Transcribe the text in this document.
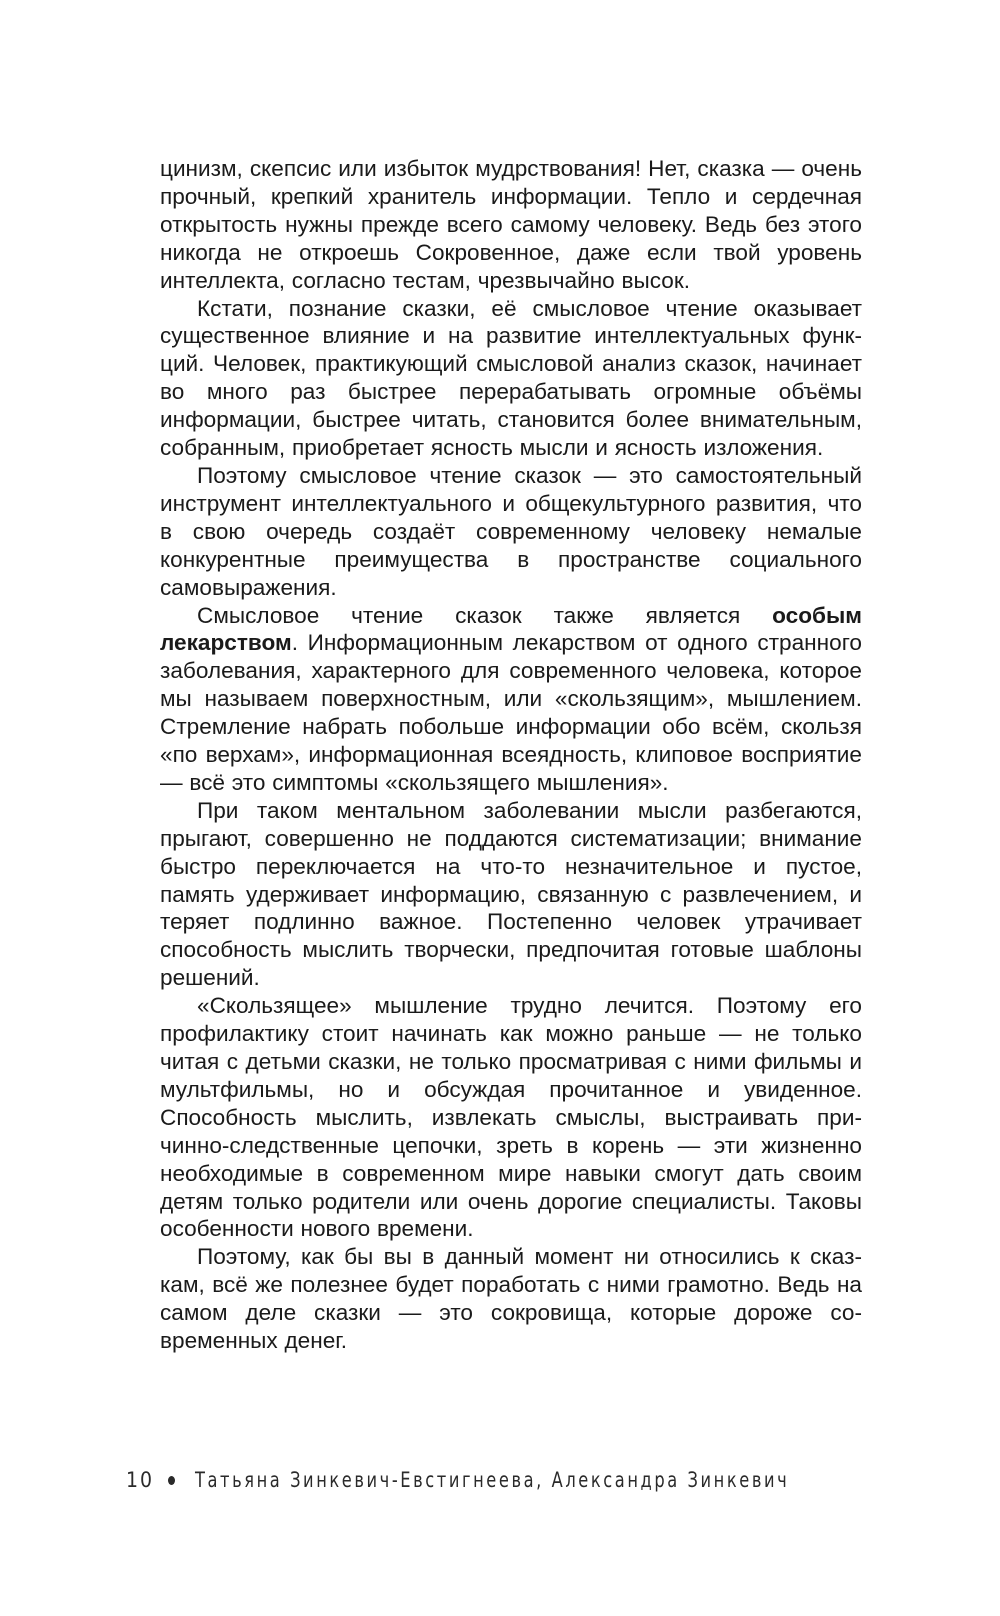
цинизм, скепсис или избыток мудрствования! Нет, сказка — очень прочный, крепкий хранитель информации. Тепло и сердечная открытость нужны прежде всего самому человеку. Ведь без этого никогда не откроешь Сокровенное, даже если твой уровень интеллекта, согласно тестам, чрезвычайно высок.

Кстати, познание сказки, её смысловое чтение оказывает существенное влияние и на развитие интеллектуальных функций. Человек, практикующий смысловой анализ сказок, начинает во много раз быстрее перерабатывать огромные объёмы информации, быстрее читать, становится более внимательным, собранным, приобретает ясность мысли и ясность изложения.

Поэтому смысловое чтение сказок — это самостоятельный инструмент интеллектуального и общекультурного развития, что в свою очередь создаёт современному человеку немалые конкурентные преимущества в пространстве социального самовыражения.

Смысловое чтение сказок также является особым лекарством. Информационным лекарством от одного странного заболевания, характерного для современного человека, которое мы называем поверхностным, или «скользящим», мышлением. Стремление набрать побольше информации обо всём, скользя «по верхам», информационная всеядность, клиповое восприятие — всё это симптомы «скользящего мышления».

При таком ментальном заболевании мысли разбегаются, прыгают, совершенно не поддаются систематизации; внимание быстро переключается на что-то незначительное и пустое, память удерживает информацию, связанную с развлечением, и теряет подлинно важное. Постепенно человек утрачивает способность мыслить творчески, предпочитая готовые шаблоны решений.

«Скользящее» мышление трудно лечится. Поэтому его профилактику стоит начинать как можно раньше — не только читая с детьми сказки, не только просматривая с ними фильмы и мультфильмы, но и обсуждая прочитанное и увиденное. Способность мыслить, извлекать смыслы, выстраивать причинно-следственные цепочки, зреть в корень — эти жизненно необходимые в современном мире навыки смогут дать своим детям только родители или очень дорогие специалисты. Таковы особенности нового времени.

Поэтому, как бы вы в данный момент ни относились к сказкам, всё же полезнее будет поработать с ними грамотно. Ведь на самом деле сказки — это сокровища, которые дороже современных денег.

10 Татьяна Зинкевич-Евстигнеева, Александра Зинкевич
